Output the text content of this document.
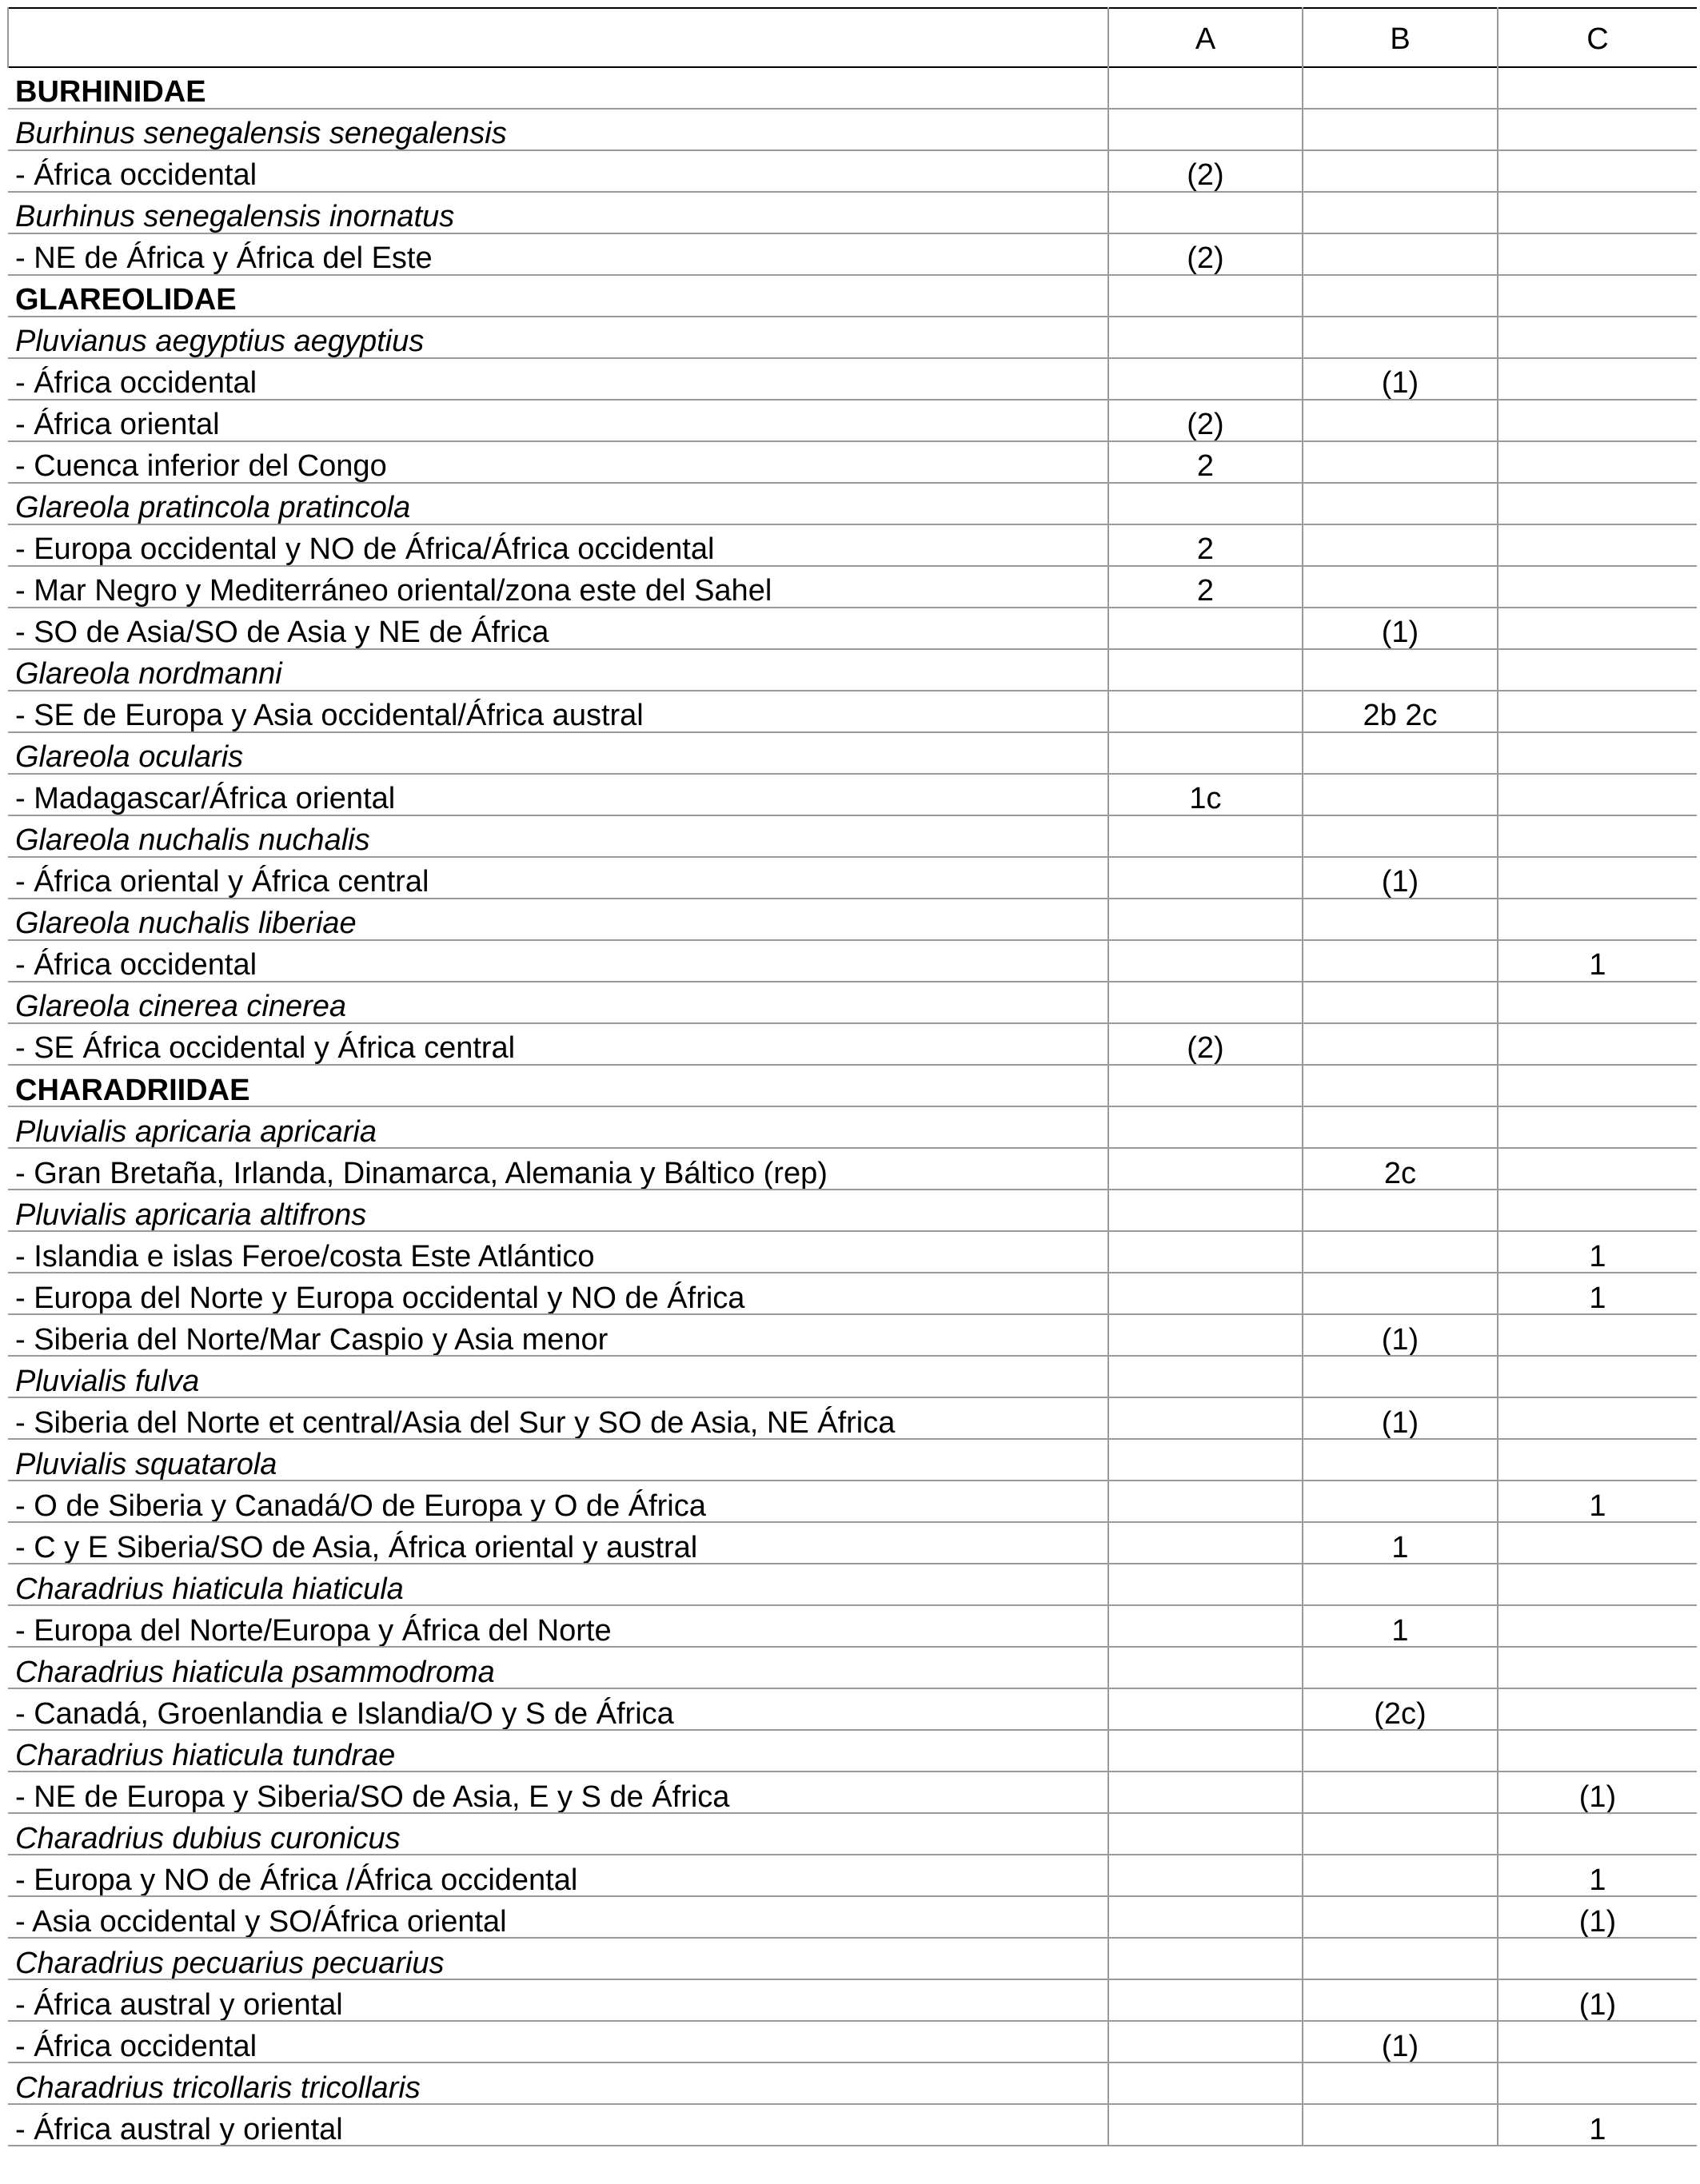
	A	B	C
BURHINIDAE			
Burhinus senegalensis senegalensis			
- África occidental	(2)		
Burhinus senegalensis inornatus			
- NE de África y África del Este	(2)		
GLAREOLIDAE			
Pluvianus aegyptius aegyptius			
- África occidental		(1)	
- África oriental	(2)		
- Cuenca inferior del Congo	2		
Glareola pratincola pratincola			
- Europa occidental y NO de África/África occidental	2		
- Mar Negro y Mediterráneo oriental/zona este del Sahel	2		
- SO de Asia/SO de Asia y NE de África		(1)	
Glareola nordmanni			
- SE de Europa y Asia occidental/África austral		2b 2c	
Glareola ocularis			
- Madagascar/África oriental	1c		
Glareola nuchalis nuchalis			
- África oriental y África central		(1)	
Glareola nuchalis liberiae			
- África occidental			1
Glareola cinerea cinerea			
- SE África occidental y África central	(2)		
CHARADRIIDAE			
Pluvialis apricaria apricaria			
- Gran Bretaña, Irlanda, Dinamarca, Alemania y Báltico (rep)		2c	
Pluvialis apricaria altifrons			
- Islandia e islas Feroe/costa Este Atlántico			1
- Europa del Norte y Europa occidental y NO de África			1
- Siberia del Norte/Mar Caspio y Asia menor		(1)	
Pluvialis fulva			
- Siberia del Norte et central/Asia del Sur y SO de Asia, NE África		(1)	
Pluvialis squatarola			
- O de Siberia y Canadá/O de Europa y O de África			1
- C y E Siberia/SO de Asia, África oriental y austral		1	
Charadrius hiaticula hiaticula			
- Europa del Norte/Europa y África del Norte		1	
Charadrius hiaticula psammodroma			
- Canadá, Groenlandia e Islandia/O y S de África		(2c)	
Charadrius hiaticula tundrae			
- NE de Europa y Siberia/SO de Asia, E y S de África			(1)
Charadrius dubius curonicus			
- Europa y NO de África /África occidental			1
- Asia occidental y SO/África oriental			(1)
Charadrius pecuarius pecuarius			
- África austral y oriental			(1)
- África occidental		(1)	
Charadrius tricollaris tricollaris			
- África austral y oriental			1
